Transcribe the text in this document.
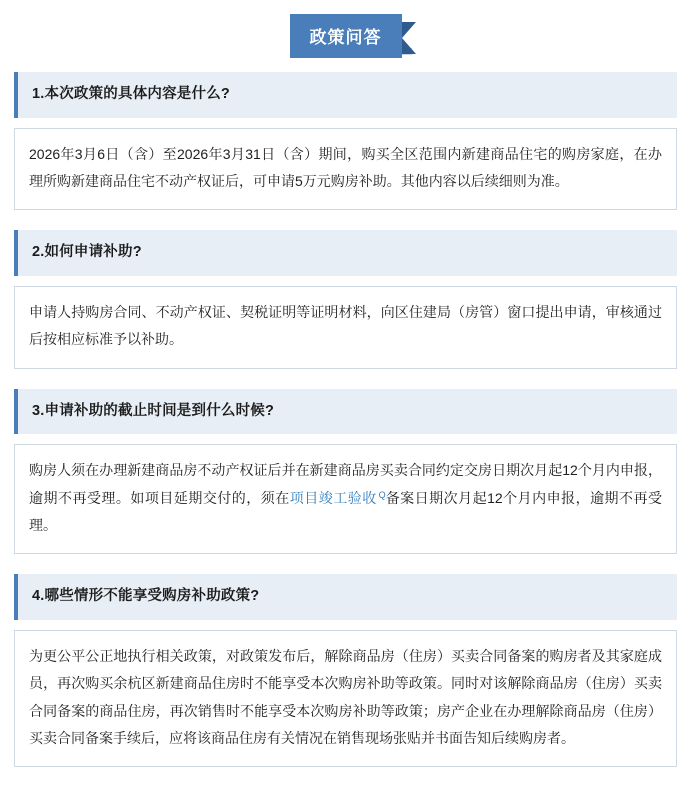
政策问答
1.本次政策的具体内容是什么?
2026年3月6日（含）至2026年3月31日（含）期间，购买全区范围内新建商品住宅的购房家庭，在办理所购新建商品住宅不动产权证后，可申请5万元购房补助。其他内容以后续细则为准。
2.如何申请补助?
申请人持购房合同、不动产权证、契税证明等证明材料，向区住建局（房管）窗口提出申请，审核通过后按相应标准予以补助。
3.申请补助的截止时间是到什么时候?
购房人须在办理新建商品房不动产权证后并在新建商品房买卖合同约定交房日期次月起12个月内申报，逾期不再受理。如项目延期交付的，须在项目竣工验收 Q 备案日期次月起12个月内申报，逾期不再受理。
4.哪些情形不能享受购房补助政策?
为更公平公正地执行相关政策，对政策发布后，解除商品房（住房）买卖合同备案的购房者及其家庭成员，再次购买余杭区新建商品住房时不能享受本次购房补助等政策。同时对该解除商品房（住房）买卖合同备案的商品住房，再次销售时不能享受本次购房补助等政策；房产企业在办理解除商品房（住房）买卖合同备案手续后，应将该商品住房有关情况在销售现场张贴并书面告知后续购房者。
